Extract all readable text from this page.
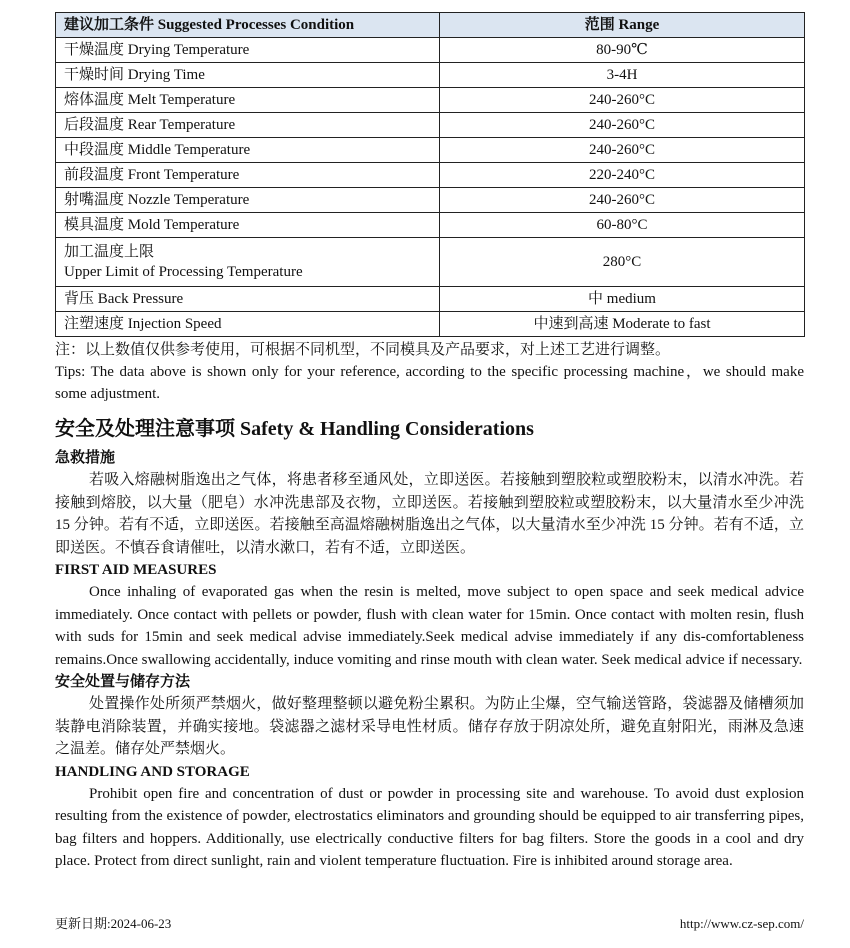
建议加工条件 Suggested Processes Condition	范围 Range
干燥温度 Drying Temperature	80-90℃
干燥时间 Drying Time	3-4H
熔体温度 Melt Temperature	240-260°C
后段温度 Rear Temperature	240-260°C
中段温度 Middle Temperature	240-260°C
前段温度 Front Temperature	220-240°C
射嘴温度 Nozzle Temperature	240-260°C
模具温度 Mold Temperature	60-80°C

加工温度上限
Upper Limit of Processing Temperature	280°C
背压 Back Pressure	中 medium
注塑速度 Injection Speed	中速到高速 Moderate to fast

注：以上数值仅供参考使用，可根据不同机型，不同模具及产品要求，对上述工艺进行调整。

Tips: The data above is shown only for your reference, according to the specific processing machine，we should make some adjustment.

安全及处理注意事项 Safety & Handling Considerations

急救措施

若吸入熔融树脂逸出之气体，将患者移至通风处，立即送医。若接触到塑胶粒或塑胶粉末，以清水冲洗。若接触到熔胶，以大量（肥皂）水冲洗患部及衣物，立即送医。若接触到塑胶粒或塑胶粉末，以大量清水至少冲洗 15 分钟。若有不适，立即送医。若接触至高温熔融树脂逸出之气体，以大量清水至少冲洗 15 分钟。若有不适，立即送医。不慎吞食请催吐，以清水漱口，若有不适，立即送医。

FIRST AID MEASURES

Once inhaling of evaporated gas when the resin is melted, move subject to open space and seek medical advice immediately. Once contact with pellets or powder, flush with clean water for 15min. Once contact with molten resin, flush with suds for 15min and seek medical advise immediately.Seek medical advise immediately if any dis-comfortableness remains.Once swallowing accidentally, induce vomiting and rinse mouth with clean water. Seek medical advice if necessary.

安全处置与储存方法

处置操作处所须严禁烟火，做好整理整顿以避免粉尘累积。为防止尘爆，空气输送管路，袋滤器及储槽须加装静电消除装置，并确实接地。袋滤器之滤材采导电性材质。储存存放于阴凉处所，避免直射阳光，雨淋及急速之温差。储存处严禁烟火。

HANDLING AND STORAGE

Prohibit open fire and concentration of dust or powder in processing site and warehouse. To avoid dust explosion resulting from the existence of powder, electrostatics eliminators and grounding should be equipped to air transferring pipes, bag filters and hoppers. Additionally, use electrically conductive filters for bag filters. Store the goods in a cool and dry place. Protect from direct sunlight, rain and violent temperature fluctuation. Fire is inhibited around storage area.

更新日期:2024-06-23	http://www.cz-sep.com/
